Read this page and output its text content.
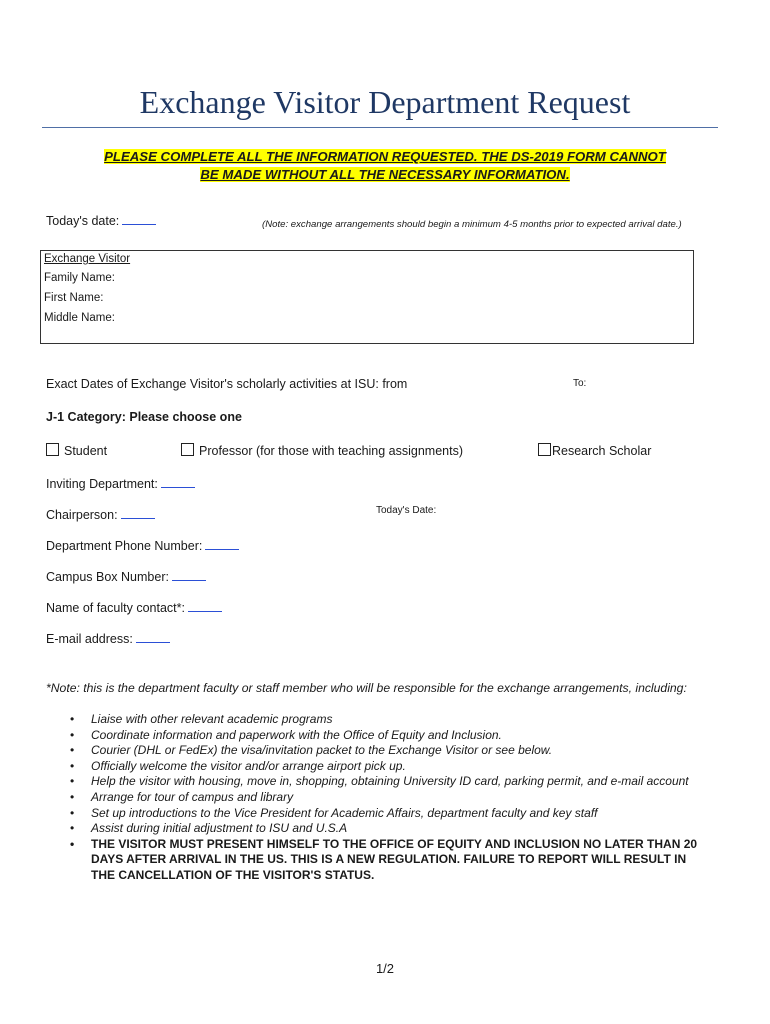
Exchange Visitor Department Request
PLEASE COMPLETE ALL THE INFORMATION REQUESTED. THE DS-2019 FORM CANNOT
BE MADE WITHOUT ALL THE NECESSARY INFORMATION.
Today's date:	(Note: exchange arrangements should begin a minimum 4-5 months prior to expected arrival date.)
Exchange Visitor
Family Name:
First Name:
Middle Name:
Exact Dates of Exchange Visitor's scholarly activities at ISU: from	To:
J-1 Category: Please choose one
Student	Professor (for those with teaching assignments)	Research Scholar
Inviting Department:
Chairperson:	Today's Date:
Department Phone Number:
Campus Box Number:
Name of faculty contact*:
E-mail address:
*Note: this is the department faculty or staff member who will be responsible for the exchange arrangements, including:
• Liaise with other relevant academic programs
• Coordinate information and paperwork with the Office of Equity and Inclusion.
• Courier (DHL or FedEx) the visa/invitation packet to the Exchange Visitor or see below.
• Officially welcome the visitor and/or arrange airport pick up.
• Help the visitor with housing, move in, shopping, obtaining University ID card, parking permit, and e-mail account
• Arrange for tour of campus and library
• Set up introductions to the Vice President for Academic Affairs, department faculty and key staff
• Assist during initial adjustment to ISU and U.S.A
• THE VISITOR MUST PRESENT HIMSELF TO THE OFFICE OF EQUITY AND INCLUSION NO LATER THAN 20 DAYS AFTER ARRIVAL IN THE US. THIS IS A NEW REGULATION. FAILURE TO REPORT WILL RESULT IN THE CANCELLATION OF THE VISITOR'S STATUS.
1/2
